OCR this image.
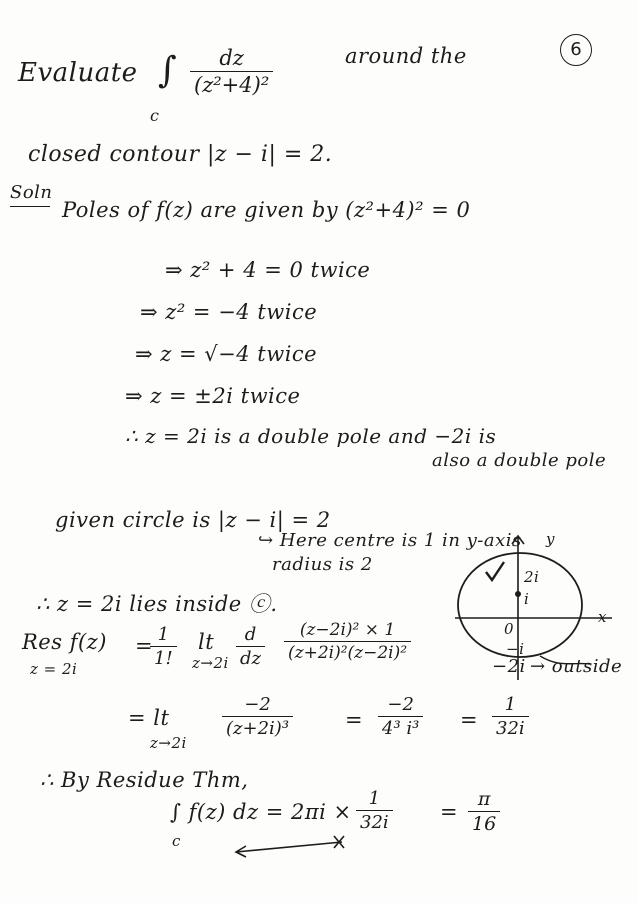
6
Evaluate ∫
c
dz
(z²+4)²
around the
closed contour |z − i| = 2.
Soln
Poles of f(z) are given by (z²+4)² = 0
⇒ z² + 4 = 0 twice
⇒ z² = −4 twice
⇒ z = √−4 twice
⇒ z = ±2i twice
∴ z = 2i is a double pole and −2i is
also a double pole
given circle is |z − i| = 2
↪ Here centre is 1 in y-axis
radius is 2
∴ z = 2i lies inside ⓒ.
y
2i
i
0
−i
x
−2i → outside
Res f(z)
z = 2i
= 1
1!
lt
z→2i
d
dz
(z−2i)² × 1
(z+2i)²(z−2i)²
= lt
z→2i
−2
(z+2i)³	=
−2
4³ i³ =
1
32i
∴ By Residue Thm,
∫ f(z) dz = 2πi ×
c
1
32i =
π
16
